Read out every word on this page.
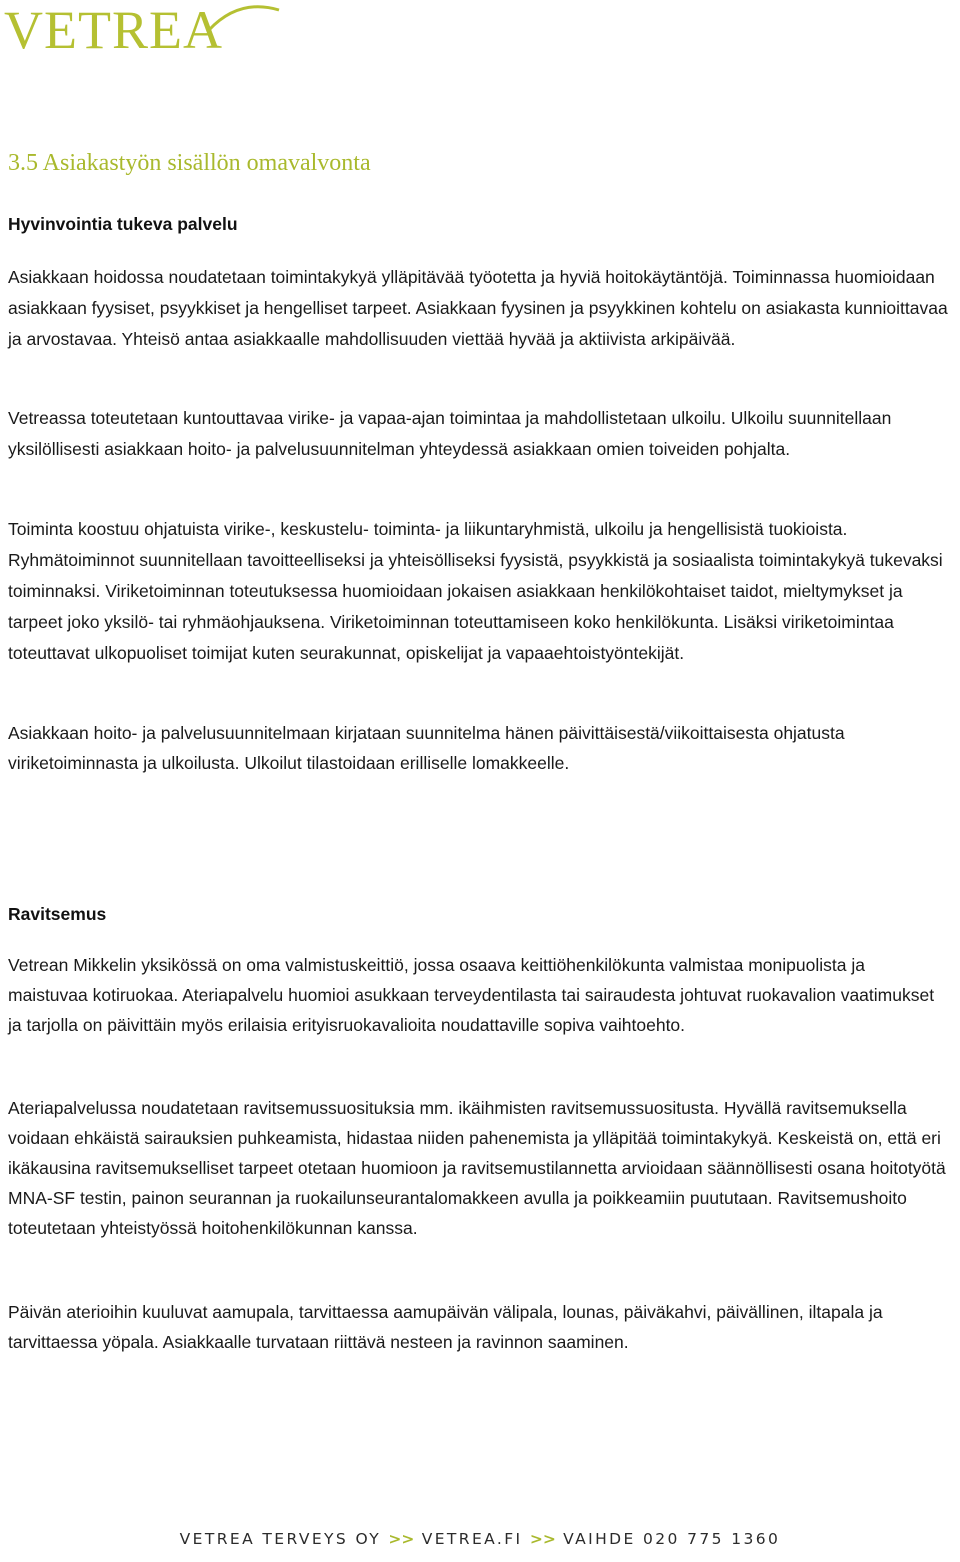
VETREA
3.5 Asiakastyön sisällön omavalvonta
Hyvinvointia tukeva palvelu

Asiakkaan hoidossa noudatetaan toimintakykyä ylläpitävää työotetta ja hyviä hoitokäytäntöjä. Toiminnassa huomioidaan asiakkaan fyysiset, psyykkiset ja hengelliset tarpeet. Asiakkaan fyysinen ja psyykkinen kohtelu on asiakasta kunnioittavaa ja arvostavaa. Yhteisö antaa asiakkaalle mahdollisuuden viettää hyvää ja aktiivista arkipäivää.

Vetreassa toteutetaan kuntouttavaa virike- ja vapaa-ajan toimintaa ja mahdollistetaan ulkoilu. Ulkoilu suunnitellaan yksilöllisesti asiakkaan hoito- ja palvelusuunnitelman yhteydessä asiakkaan omien toiveiden pohjalta.

Toiminta koostuu ohjatuista virike-, keskustelu- toiminta- ja liikuntaryhmistä, ulkoilu ja hengellisistä tuokioista. Ryhmätoiminnot suunnitellaan tavoitteelliseksi ja yhteisölliseksi fyysistä, psyykkistä ja sosiaalista toimintakykyä tukevaksi toiminnaksi. Viriketoiminnan toteutuksessa huomioidaan jokaisen asiakkaan henkilökohtaiset taidot, mieltymykset ja tarpeet joko yksilö- tai ryhmäohjauksena. Viriketoiminnan toteuttamiseen koko henkilökunta. Lisäksi viriketoimintaa toteuttavat ulkopuoliset toimijat kuten seurakunnat, opiskelijat ja vapaaehtoistyöntekijät.

Asiakkaan hoito- ja palvelusuunnitelmaan kirjataan suunnitelma hänen päivittäisestä/viikoittaisesta ohjatusta viriketoiminnasta ja ulkoilusta. Ulkoilut tilastoidaan erilliselle lomakkeelle.

Ravitsemus

Vetrean Mikkelin yksikössä on oma valmistuskeittiö, jossa osaava keittiöhenkilökunta valmistaa monipuolista ja maistuvaa kotiruokaa. Ateriapalvelu huomioi asukkaan terveydentilasta tai sairaudesta johtuvat ruokavalion vaatimukset ja tarjolla on päivittäin myös erilaisia erityisruokavalioita noudattaville sopiva vaihtoehto.

Ateriapalvelussa noudatetaan ravitsemussuosituksia mm. ikäihmisten ravitsemussuositusta. Hyvällä ravitsemuksella voidaan ehkäistä sairauksien puhkeamista, hidastaa niiden pahenemista ja ylläpitää toimintakykyä. Keskeistä on, että eri ikäkausina ravitsemukselliset tarpeet otetaan huomioon ja ravitsemustilannetta arvioidaan säännöllisesti osana hoitotyötä MNA-SF testin, painon seurannan ja ruokailunseurantalomakkeen avulla ja poikkeamiin puututaan. Ravitsemushoito toteutetaan yhteistyössä hoitohenkilökunnan kanssa.

Päivän aterioihin kuuluvat aamupala, tarvittaessa aamupäivän välipala, lounas, päiväkahvi, päivällinen, iltapala ja tarvittaessa yöpala. Asiakkaalle turvataan riittävä nesteen ja ravinnon saaminen.

VETREA TERVEYS OY >> VETREA.FI >> VAIHDE 020 775 1360
